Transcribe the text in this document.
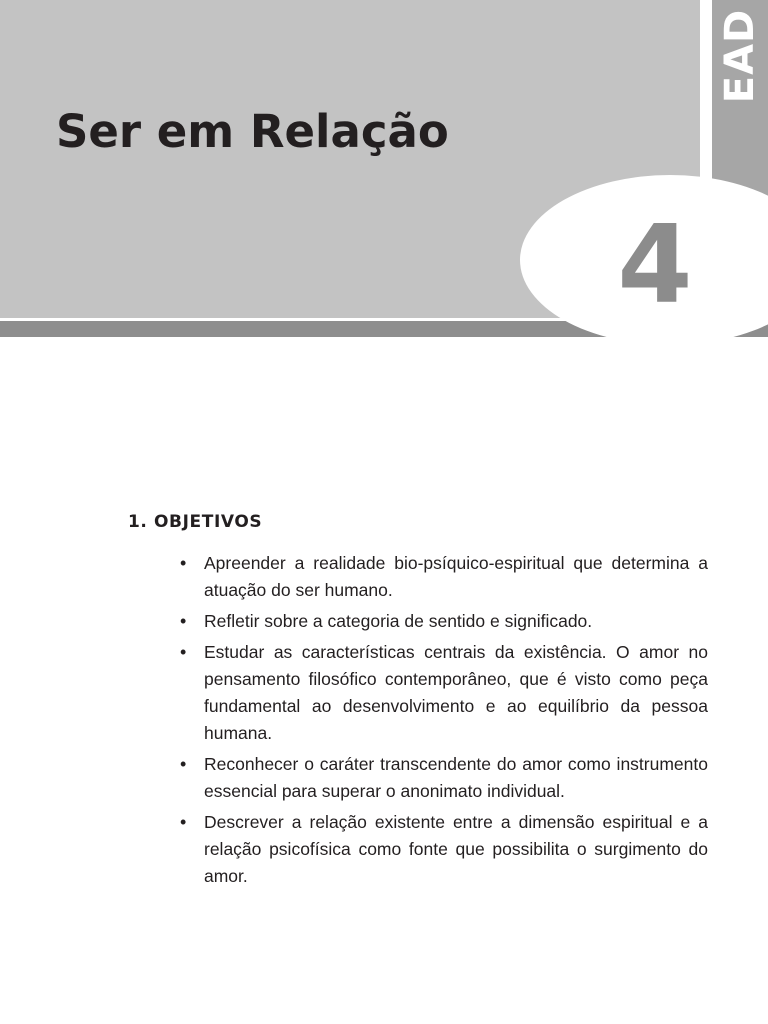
EAD
4
Ser em Relação
1. OBJETIVOS
• Apreender a realidade bio-psíquico-espiritual que determina a atuação do ser humano.
• Refletir sobre a categoria de sentido e significado.
• Estudar as características centrais da existência. O amor no pensamento filosófico contemporâneo, que é visto como peça fundamental ao desenvolvimento e ao equilíbrio da pessoa humana.
• Reconhecer o caráter transcendente do amor como instrumento essencial para superar o anonimato individual.
• Descrever a relação existente entre a dimensão espiritual e a relação psicofísica como fonte que possibilita o surgimento do amor.
